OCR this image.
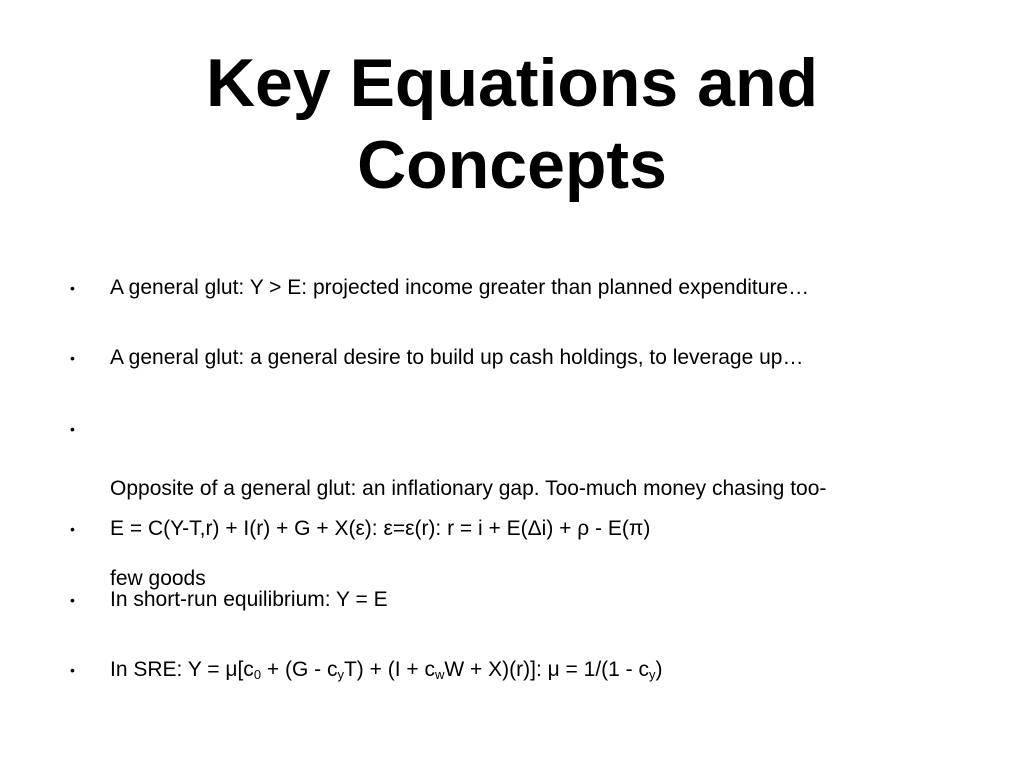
Key Equations and
Concepts
• A general glut: Y > E: projected income greater than planned expenditure…
• A general glut: a general desire to build up cash holdings, to leverage up…
•

Opposite of a general glut: an inflationary gap. Too-much money chasing too-

few goods

• E = C(Y-T,r) + I(r) + G + X(ε): ε=ε(r): r = i + E(Δi) + ρ - E(π)
• In short-run equilibrium: Y = E
• In SRE: $Y = \mu[c_0 + (G - c_yT) + (I + c_wW + X)(r)]$: $\mu = 1/(1 - c_y)$
